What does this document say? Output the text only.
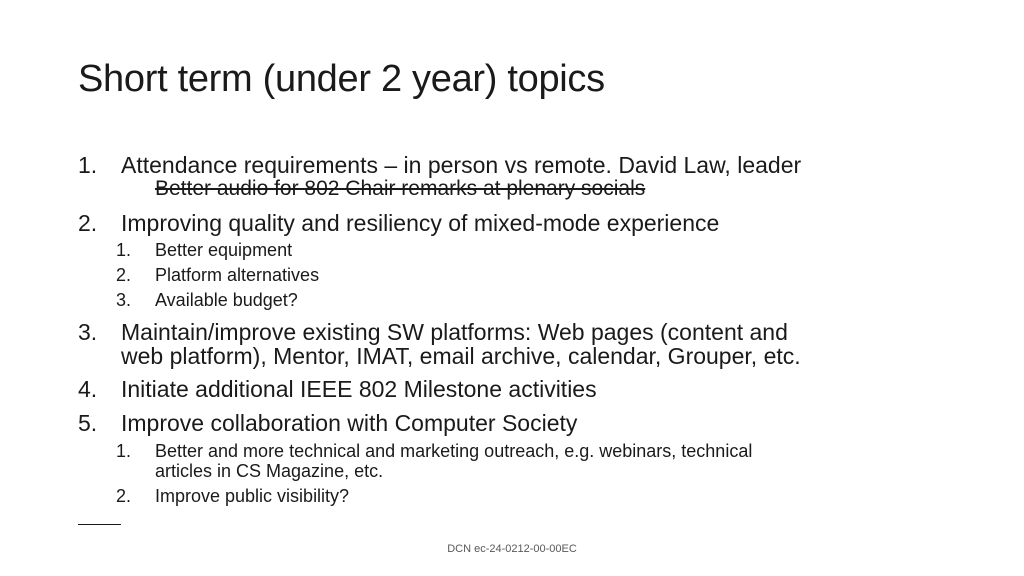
Short term (under 2 year) topics
1. Attendance requirements – in person vs remote. David Law, leader
Better audio for 802 Chair remarks at plenary socials
2. Improving quality and resiliency of mixed-mode experience
1. Better equipment
2. Platform alternatives
3. Available budget?
3. Maintain/improve existing SW platforms: Web pages (content and
web platform), Mentor, IMAT, email archive, calendar, Grouper, etc.
4. Initiate additional IEEE 802 Milestone activities
5. Improve collaboration with Computer Society
1. Better and more technical and marketing outreach, e.g. webinars, technical
articles in CS Magazine, etc.
2. Improve public visibility?
DCN ec-24-0212-00-00EC
